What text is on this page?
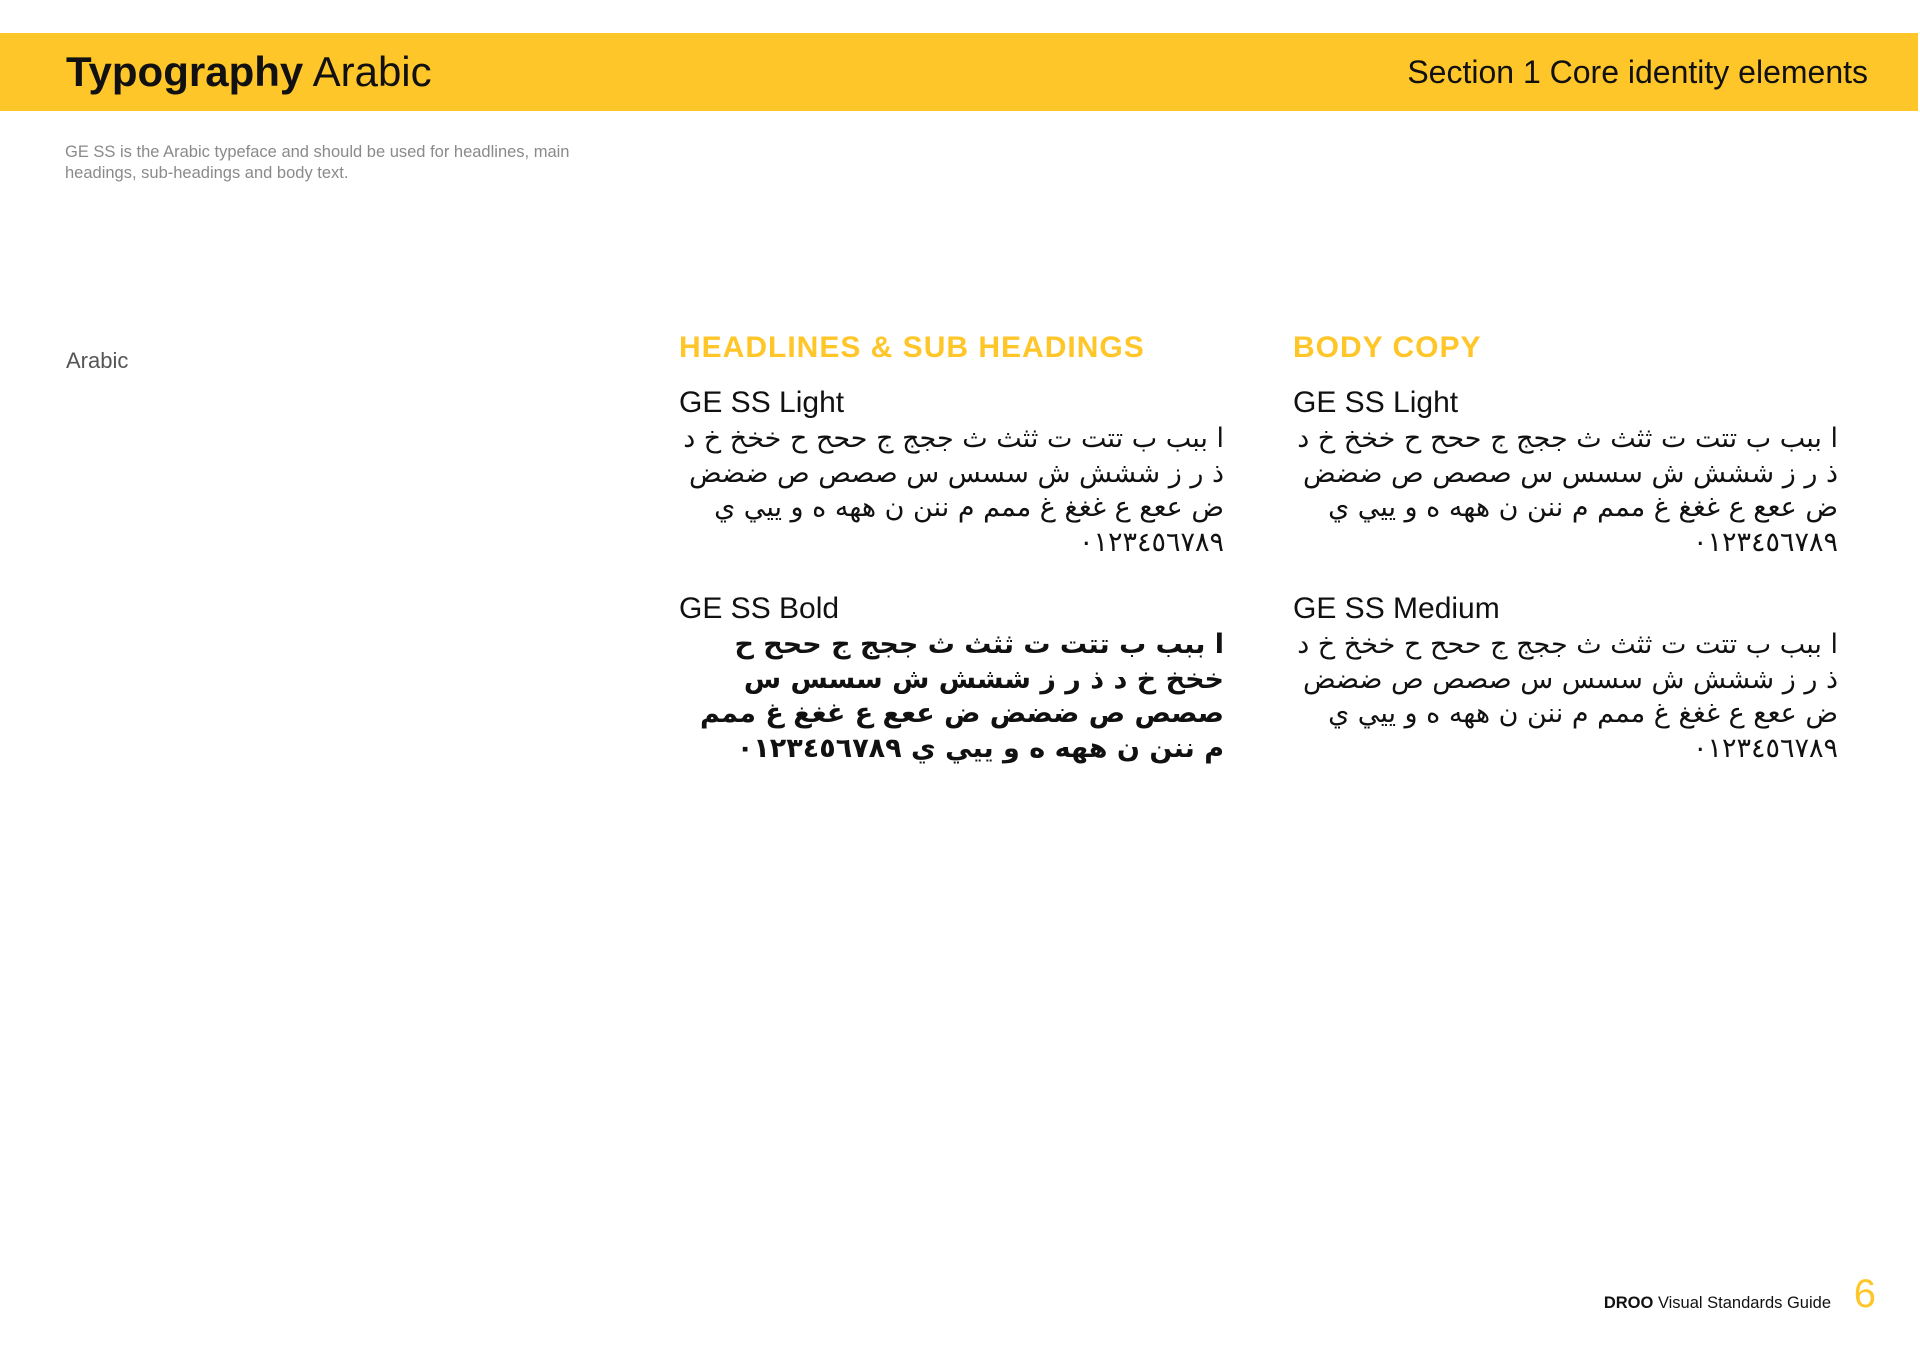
Typography Arabic	Section 1 Core identity elements
GE SS is the Arabic typeface and should be used for headlines, main headings, sub-headings and body text.
Arabic	HEADLINES & SUB HEADINGS

GE SS Light

ا ببب ب تتت ت ثثث ث ججج ج ححح ح خخخ خ د ذ ر ز ششش ش سسس س صصص ص ضضض ض ععع ع غغغ غ ممم م ننن ن ههه ه و ييي ي ٠١٢٣٤٥٦٧٨٩

GE SS Bold

ا ببب ب تتت ت ثثث ث ججج ج ححح ح خخخ خ د ذ ر ز ششش ش سسس س صصص ص ضضض ض ععع ع غغغ غ ممم م ننن ن ههه ه و ييي ي ٠١٢٣٤٥٦٧٨٩

BODY COPY

GE SS Light

ا ببب ب تتت ت ثثث ث ججج ج ححح ح خخخ خ د ذ ر ز ششش ش سسس س صصص ص ضضض ض ععع ع غغغ غ ممم م ننن ن ههه ه و ييي ي ٠١٢٣٤٥٦٧٨٩

GE SS Medium

ا ببب ب تتت ت ثثث ث ججج ج ححح ح خخخ خ د ذ ر ز ششش ش سسس س صصص ص ضضض ض ععع ع غغغ غ ممم م ننن ن ههه ه و ييي ي ٠١٢٣٤٥٦٧٨٩

DROO Visual Standards Guide 6
